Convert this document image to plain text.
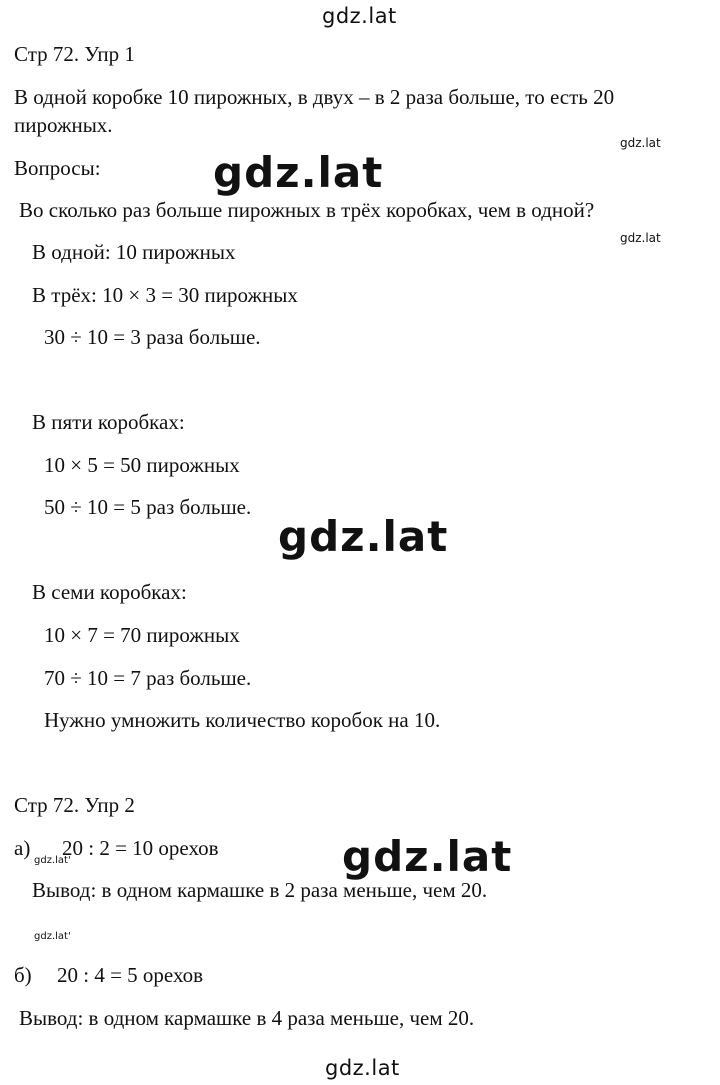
gdz.lat
gdz.lat
gdz.lat
gdz.lat
gdz.lat
gdz.lat
gdz.lat'
gdz.lat'
gdz.lat
Стр 72. Упр 1
В одной коробке 10 пирожных, в двух – в 2 раза больше, то есть 20
пирожных.
Вопросы:
Во сколько раз больше пирожных в трёх коробках, чем в одной?
В одной: 10 пирожных
В трёх: 10 × 3 = 30 пирожных
30 ÷ 10 = 3 раза больше.
В пяти коробках:
10 × 5 = 50 пирожных
50 ÷ 10 = 5 раз больше.
В семи коробках:
10 × 7 = 70 пирожных
70 ÷ 10 = 7 раз больше.
Нужно умножить количество коробок на 10.
Стр 72. Упр 2
а) 20 : 2 = 10 орехов
Вывод: в одном кармашке в 2 раза меньше, чем 20.
б) 20 : 4 = 5 орехов
Вывод: в одном кармашке в 4 раза меньше, чем 20.
